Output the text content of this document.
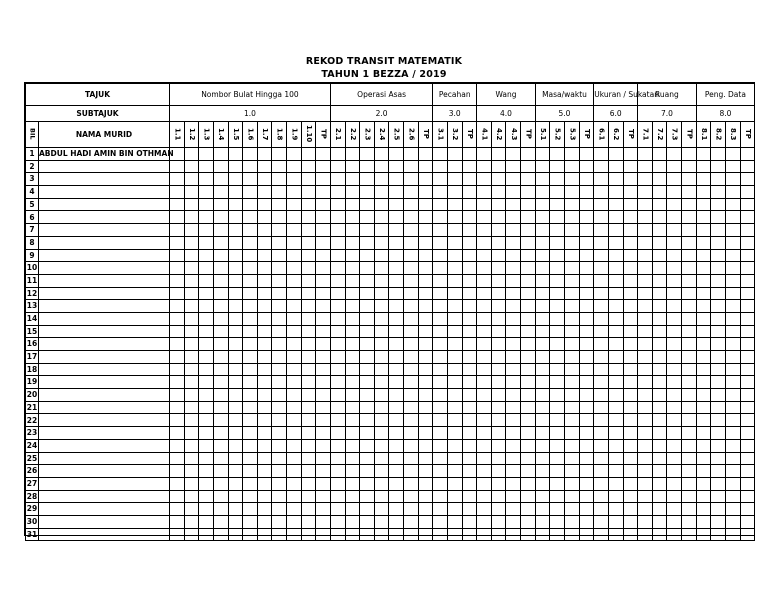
REKOD TRANSIT MATEMATIK
TAHUN 1 BEZZA / 2019
TAJUK		Nombor Bulat Hingga 100											Operasi Asas							Pecahan			Wang				Masa/waktu				Ukuran / Sukatan			Ruang				Peng. Data			
SUBTAJUK		1.0											2.0							3.0			4.0				5.0				6.0			7.0				8.0			
BIL	NAMA MURID	1.1	1.2	1.3	1.4	1.5	1.6	1.7	1.8	1.9	1.10	TP	2.1	2.2	2.3	2.4	2.5	2.6	TP	3.1	3.2	TP	4.1	4.2	4.3	TP	5.1	5.2	5.3	TP	6.1	6.2	TP	7.1	7.2	7.3	TP	8.1	8.2	8.3	TP
1	ABDUL HADI AMIN BIN OTHMAN																																								
2																																									
3																																									
4																																									
5																																									
6																																									
7																																									
8																																									
9																																									
10																																									
11																																									
12																																									
13																																									
14																																									
15																																									
16																																									
17																																									
18																																									
19																																									
20																																									
21																																									
22																																									
23																																									
24																																									
25																																									
26																																									
27																																									
28																																									
29																																									
30																																									
31																																									
